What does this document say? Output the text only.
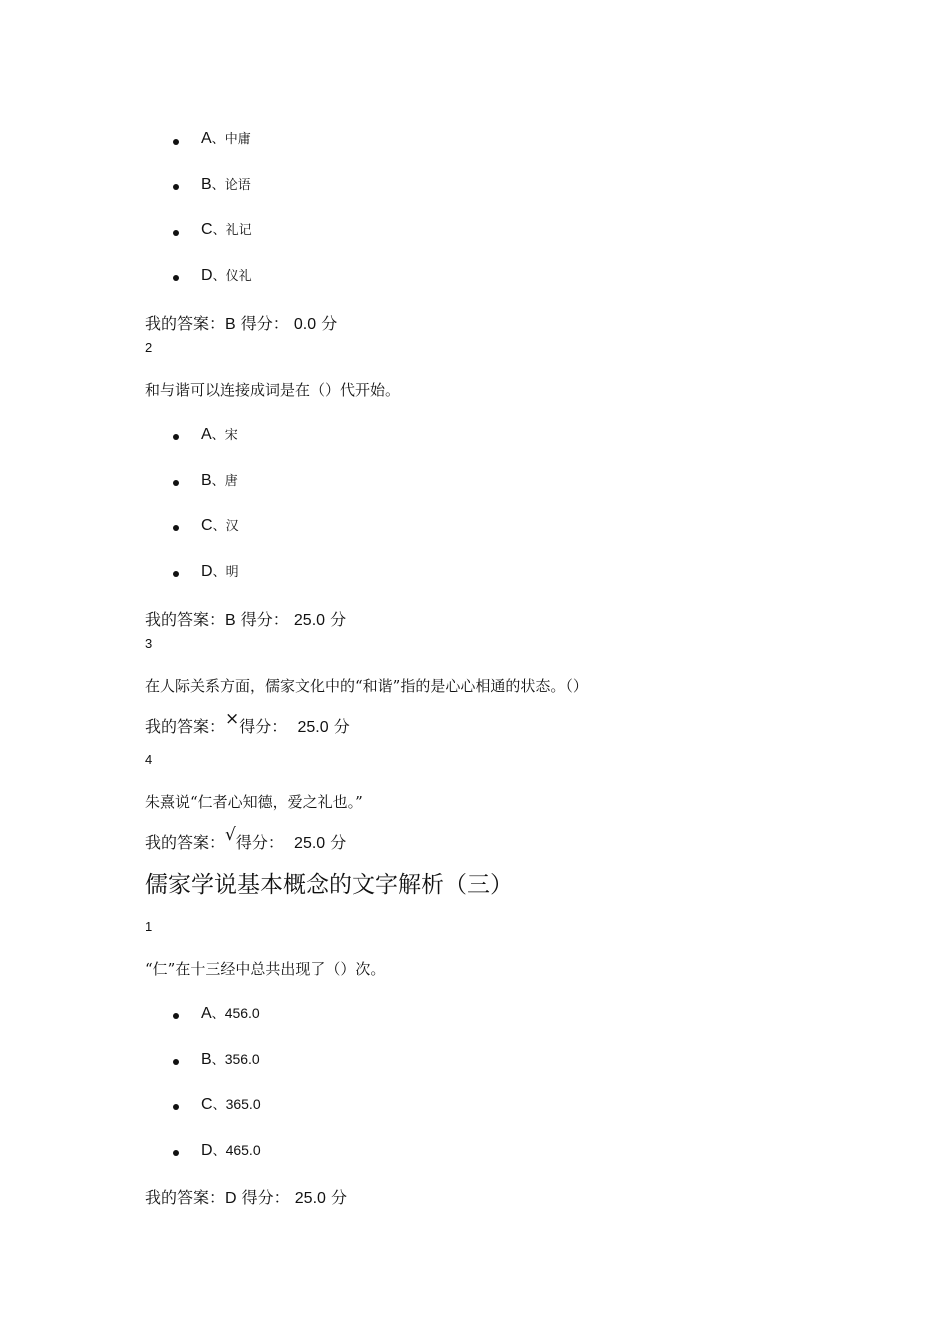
A、中庸
B、论语
C、礼记
D、仪礼
我的答案：B 得分： 0.0 分
2
和与谐可以连接成词是在（）代开始。
A、宋
B、唐
C、汉
D、明
我的答案：B 得分： 25.0 分
3
在人际关系方面，儒家文化中的“和谐”指的是心心相通的状态。（）
我的答案：×得分： 25.0 分
4
朱熹说“仁者心知德，爱之礼也。”
我的答案：√得分： 25.0 分
儒家学说基本概念的文字解析（三）
1
“仁”在十三经中总共出现了（）次。
A、456.0
B、356.0
C、365.0
D、465.0
我的答案：D 得分： 25.0 分
